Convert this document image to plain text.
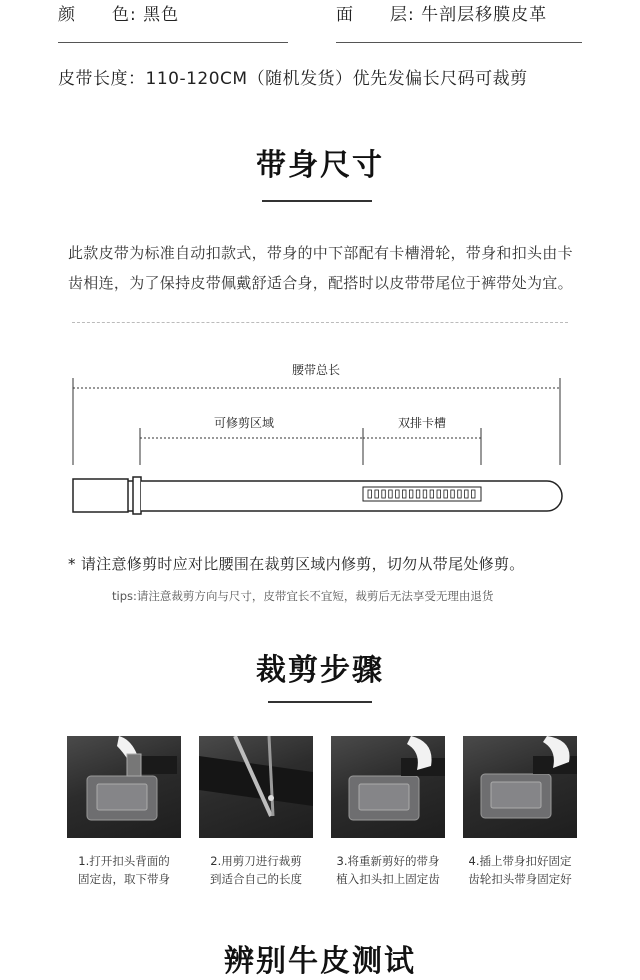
颜　　色: 黑色	面　　层: 牛剖层移膜皮革
皮带长度：110-120CM（随机发货）优先发偏长尺码可裁剪
带身尺寸
此款皮带为标准自动扣款式，带身的中下部配有卡槽滑轮，带身和扣头由卡
齿相连，为了保持皮带佩戴舒适合身，配搭时以皮带带尾位于裤带处为宜。
腰带总长
可修剪区域	双排卡槽
* 请注意修剪时应对比腰围在裁剪区域内修剪，切勿从带尾处修剪。
tips:请注意裁剪方向与尺寸，皮带宜长不宜短，裁剪后无法享受无理由退货
裁剪步骤
1.打开扣头背面的
固定齿，取下带身
2.用剪刀进行裁剪
到适合自己的长度
3.将重新剪好的带身
植入扣头扣上固定齿
4.插上带身扣好固定
齿轮扣头带身固定好
辨别牛皮测试
